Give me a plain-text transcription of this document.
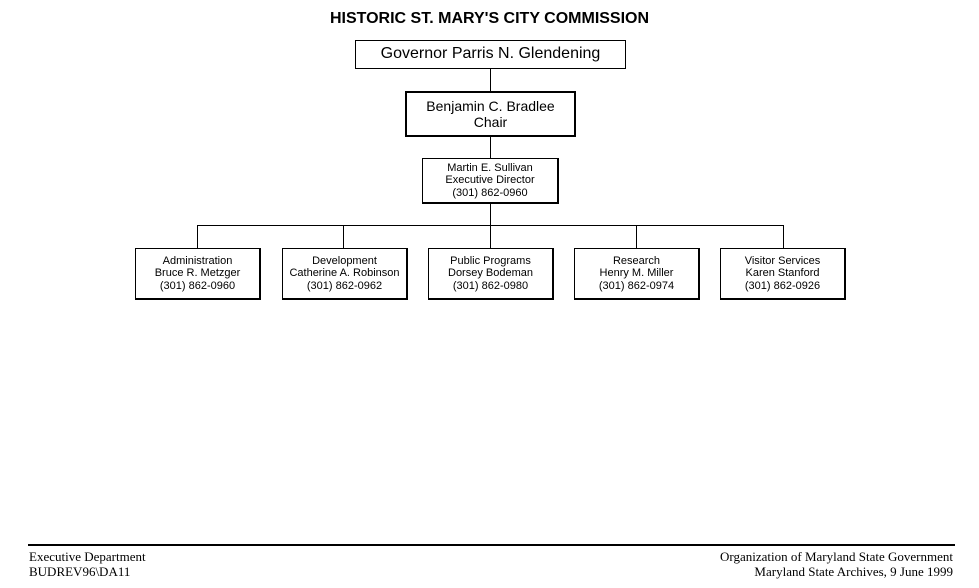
HISTORIC ST. MARY'S CITY COMMISSION
Governor Parris N. Glendening
Benjamin C. Bradlee
Chair
Martin E. Sullivan
Executive Director
(301) 862-0960
Administration
Bruce R. Metzger
(301) 862-0960
Development
Catherine A. Robinson
(301) 862-0962
Public Programs
Dorsey Bodeman
(301) 862-0980
Research
Henry M. Miller
(301) 862-0974
Visitor Services
Karen Stanford
(301) 862-0926
Executive Department
BUDREV96\DA11
Organization of Maryland State Government
Maryland State Archives, 9 June 1999
